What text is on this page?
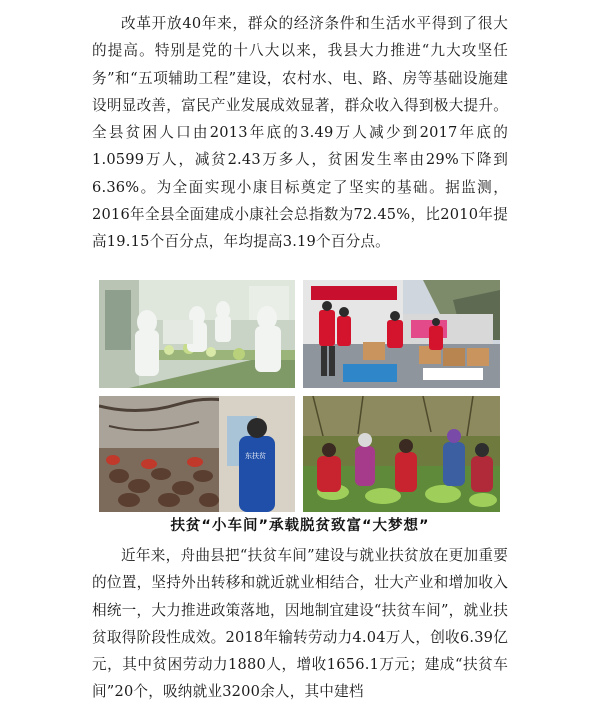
改革开放40年来，群众的经济条件和生活水平得到了很大的提高。特别是党的十八大以来，我县大力推进“九大攻坚任务”和“五项辅助工程”建设，农村水、电、路、房等基础设施建设明显改善，富民产业发展成效显著，群众收入得到极大提升。全县贫困人口由2013年底的3.49万人减少到2017年底的1.0599万人，减贫2.43万多人，贫困发生率由29%下降到6.36%。为全面实现小康目标奠定了坚实的基础。据监测，2016年全县全面建成小康社会总指数为72.45%，比2010年提高19.15个百分点，年均提高3.19个百分点。

东扶贫
扶贫“小车间”承载脱贫致富“大梦想”

近年来，舟曲县把“扶贫车间”建设与就业扶贫放在更加重要的位置，坚持外出转移和就近就业相结合，壮大产业和增加收入相统一，大力推进政策落地，因地制宜建设“扶贫车间”，就业扶贫取得阶段性成效。2018年输转劳动力4.04万人，创收6.39亿元，其中贫困劳动力1880人，增收1656.1万元；建成“扶贫车间”20个，吸纳就业3200余人，其中建档
